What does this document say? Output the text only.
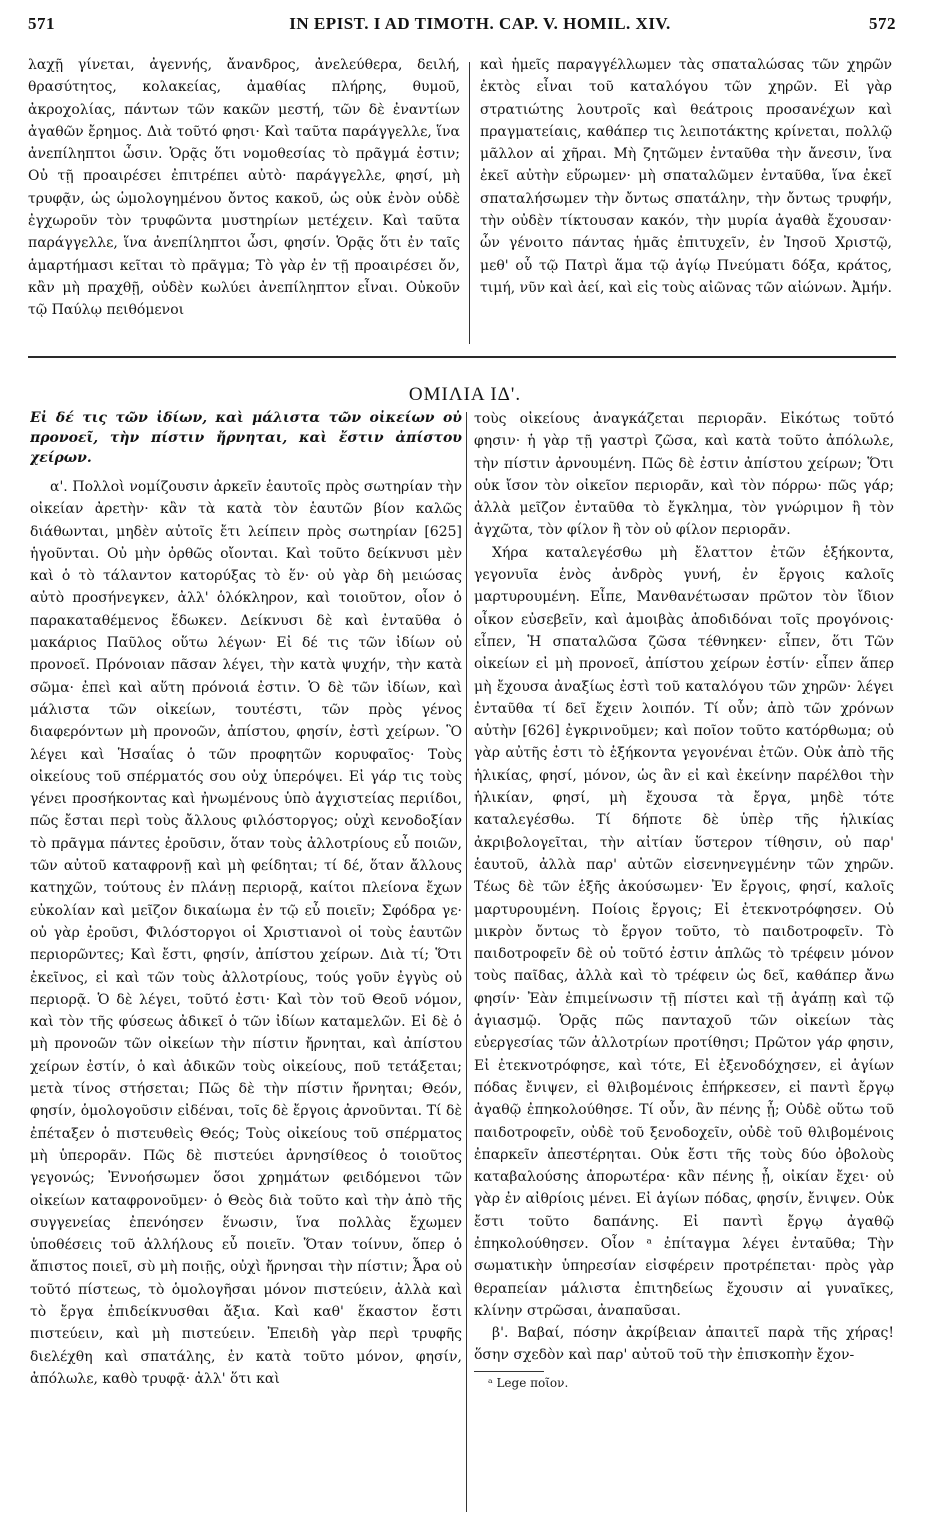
571	IN EPIST. I AD TIMOTH. CAP. V. HOMIL. XIV.	572

λαχῇ γίνεται, ἀγεννής, ἄνανδρος, ἀνελεύθερα, δειλή, θρασύτητος, κολακείας, ἀμαθίας πλήρης, θυμοῦ, ἀκροχολίας, πάντων τῶν κακῶν μεστή, τῶν δὲ ἐναντίων ἀγαθῶν ἔρημος. Διὰ τοῦτό φησι· Καὶ ταῦτα παράγγελλε, ἵνα ἀνεπίληπτοι ὦσιν. Ὁρᾷς ὅτι νομοθεσίας τὸ πρᾶγμά ἐστιν; Οὐ τῇ προαιρέσει ἐπιτρέπει αὐτὸ· παράγγελλε, φησί, μὴ τρυφᾷν, ὡς ὡμολογημένου ὄντος κακοῦ, ὡς οὐκ ἐνὸν οὐδὲ ἐγχωροῦν τὸν τρυφῶντα μυστηρίων μετέχειν. Καὶ ταῦτα παράγγελλε, ἵνα ἀνεπίληπτοι ὦσι, φησίν. Ὁρᾷς ὅτι ἐν ταῖς ἁμαρτήμασι κεῖται τὸ πρᾶγμα; Τὸ γὰρ ἐν τῇ προαιρέσει ὄν, κἂν μὴ πραχθῇ, οὐδὲν κωλύει ἀνεπίληπτον εἶναι. Οὐκοῦν τῷ Παύλῳ πειθόμενοι

καὶ ἡμεῖς παραγγέλλωμεν τὰς σπαταλώσας τῶν χηρῶν ἐκτὸς εἶναι τοῦ καταλόγου τῶν χηρῶν. Εἰ γὰρ στρατιώτης λουτροῖς καὶ θεάτροις προσανέχων καὶ πραγματείαις, καθάπερ τις λειποτάκτης κρίνεται, πολλῷ μᾶλλον αἱ χῆραι. Μὴ ζητῶμεν ἐνταῦθα τὴν ἄνεσιν, ἵνα ἐκεῖ αὐτὴν εὕρωμεν· μὴ σπαταλῶμεν ἐνταῦθα, ἵνα ἐκεῖ σπαταλήσωμεν τὴν ὄντως σπατάλην, τὴν ὄντως τρυφήν, τὴν οὐδὲν τίκτουσαν κακόν, τὴν μυρία ἀγαθὰ ἔχουσαν· ὧν γένοιτο πάντας ἡμᾶς ἐπιτυχεῖν, ἐν Ἰησοῦ Χριστῷ, μεθ' οὗ τῷ Πατρὶ ἅμα τῷ ἁγίῳ Πνεύματι δόξα, κράτος, τιμή, νῦν καὶ ἀεί, καὶ εἰς τοὺς αἰῶνας τῶν αἰώνων. Ἀμήν.

ΟΜΙΛΙΑ ΙΔ'.

Εἰ δέ τις τῶν ἰδίων, καὶ μάλιστα τῶν οἰκείων οὐ προνοεῖ, τὴν πίστιν ἤρνηται, καὶ ἔστιν ἀπίστου χείρων.

α'. Πολλοὶ νομίζουσιν ἀρκεῖν ἑαυτοῖς πρὸς σωτηρίαν τὴν οἰκείαν ἀρετὴν· κἂν τὰ κατὰ τὸν ἑαυτῶν βίον καλῶς διάθωνται, μηδὲν αὐτοῖς ἔτι λείπειν πρὸς σωτηρίαν [625] ἡγοῦνται. Οὐ μὴν ὀρθῶς οἴονται. Καὶ τοῦτο δείκνυσι μὲν καὶ ὁ τὸ τάλαντον κατορύξας τὸ ἕν· οὐ γὰρ δὴ μειώσας αὐτὸ προσήνεγκεν, ἀλλ' ὁλόκληρον, καὶ τοιοῦτον, οἷον ὁ παρακαταθέμενος ἔδωκεν. Δείκνυσι δὲ καὶ ἐνταῦθα ὁ μακάριος Παῦλος οὕτω λέγων· Εἰ δέ τις τῶν ἰδίων οὐ προνοεῖ. Πρόνοιαν πᾶσαν λέγει, τὴν κατὰ ψυχήν, τὴν κατὰ σῶμα· ἐπεὶ καὶ αὕτη πρόνοιά ἐστιν. Ὁ δὲ τῶν ἰδίων, καὶ μάλιστα τῶν οἰκείων, τουτέστι, τῶν πρὸς γένος διαφερόντων μὴ προνοῶν, ἀπίστου, φησίν, ἐστὶ χείρων. Ὃ λέγει καὶ Ἡσαΐας ὁ τῶν προφητῶν κορυφαῖος· Τοὺς οἰκείους τοῦ σπέρματός σου οὐχ ὑπερόψει. Εἰ γάρ τις τοὺς γένει προσήκοντας καὶ ἠνωμένους ὑπὸ ἀγχιστείας περιίδοι, πῶς ἔσται περὶ τοὺς ἄλλους φιλόστοργος; οὐχὶ κενοδοξίαν τὸ πρᾶγμα πάντες ἐροῦσιν, ὅταν τοὺς ἀλλοτρίους εὖ ποιῶν, τῶν αὐτοῦ καταφρονῇ καὶ μὴ φείδηται; τί δέ, ὅταν ἄλλους κατηχῶν, τούτους ἐν πλάνῃ περιορᾷ, καίτοι πλείονα ἔχων εὐκολίαν καὶ μεῖζον δικαίωμα ἐν τῷ εὖ ποιεῖν; Σφόδρα γε· οὐ γὰρ ἐροῦσι, Φιλόστοργοι οἱ Χριστιανοὶ οἱ τοὺς ἑαυτῶν περιορῶντες; Καὶ ἔστι, φησίν, ἀπίστου χείρων. Διὰ τί; Ὅτι ἐκεῖνος, εἰ καὶ τῶν τοὺς ἀλλοτρίους, τούς γοῦν ἐγγὺς οὐ περιορᾷ. Ὁ δὲ λέγει, τοῦτό ἐστι· Καὶ τὸν τοῦ Θεοῦ νόμον, καὶ τὸν τῆς φύσεως ἀδικεῖ ὁ τῶν ἰδίων καταμελῶν. Εἰ δὲ ὁ μὴ προνοῶν τῶν οἰκείων τὴν πίστιν ἤρνηται, καὶ ἀπίστου χείρων ἐστίν, ὁ καὶ ἀδικῶν τοὺς οἰκείους, ποῦ τετάξεται; μετὰ τίνος στήσεται; Πῶς δὲ τὴν πίστιν ἤρνηται; Θεόν, φησίν, ὁμολογοῦσιν εἰδέναι, τοῖς δὲ ἔργοις ἀρνοῦνται. Τί δὲ ἐπέταξεν ὁ πιστευθεὶς Θεός; Τοὺς οἰκείους τοῦ σπέρματος μὴ ὑπερορᾶν. Πῶς δὲ πιστεύει ἀρνησίθεος ὁ τοιοῦτος γεγονώς; Ἐννοήσωμεν ὅσοι χρημάτων φειδόμενοι τῶν οἰκείων καταφρονοῦμεν· ὁ Θεὸς διὰ τοῦτο καὶ τὴν ἀπὸ τῆς συγγενείας ἐπενόησεν ἕνωσιν, ἵνα πολλὰς ἔχωμεν ὑποθέσεις τοῦ ἀλλήλους εὖ ποιεῖν. Ὅταν τοίνυν, ὅπερ ὁ ἄπιστος ποιεῖ, σὺ μὴ ποιῇς, οὐχὶ ἤρνησαι τὴν πίστιν; Ἆρα οὐ τοῦτό πίστεως, τὸ ὁμολογῆσαι μόνον πιστεύειν, ἀλλὰ καὶ τὸ ἔργα ἐπιδείκνυσθαι ἄξια. Καὶ καθ' ἕκαστον ἔστι πιστεύειν, καὶ μὴ πιστεύειν. Ἐπειδὴ γὰρ περὶ τρυφῆς διελέχθη καὶ σπατάλης, ἐν κατὰ τοῦτο μόνον, φησίν, ἀπόλωλε, καθὸ τρυφᾷ· ἀλλ' ὅτι καὶ

τοὺς οἰκείους ἀναγκάζεται περιορᾶν. Εἰκότως τοῦτό φησιν· ἡ γὰρ τῇ γαστρὶ ζῶσα, καὶ κατὰ τοῦτο ἀπόλωλε, τὴν πίστιν ἀρνουμένη. Πῶς δὲ ἐστιν ἀπίστου χείρων; Ὅτι οὐκ ἴσον τὸν οἰκεῖον περιορᾶν, καὶ τὸν πόρρω· πῶς γάρ; ἀλλὰ μεῖζον ἐνταῦθα τὸ ἔγκλημα, τὸν γνώριμον ἢ τὸν ἀγχῶτα, τὸν φίλον ἢ τὸν οὐ φίλον περιορᾶν.

Χήρα καταλεγέσθω μὴ ἔλαττον ἐτῶν ἑξήκοντα, γεγονυῖα ἑνὸς ἀνδρὸς γυνή, ἐν ἔργοις καλοῖς μαρτυρουμένη. Εἶπε, Μανθανέτωσαν πρῶτον τὸν ἴδιον οἶκον εὐσεβεῖν, καὶ ἀμοιβὰς ἀποδιδόναι τοῖς προγόνοις· εἶπεν, Ἡ σπαταλῶσα ζῶσα τέθνηκεν· εἶπεν, ὅτι Τῶν οἰκείων εἰ μὴ προνοεῖ, ἀπίστου χείρων ἐστίν· εἶπεν ἅπερ μὴ ἔχουσα ἀναξίως ἐστὶ τοῦ καταλόγου τῶν χηρῶν· λέγει ἐνταῦθα τί δεῖ ἔχειν λοιπόν. Τί οὖν; ἀπὸ τῶν χρόνων αὐτὴν [626] ἐγκρινοῦμεν; καὶ ποῖον τοῦτο κατόρθωμα; οὐ γὰρ αὐτῆς ἐστι τὸ ἑξήκοντα γεγονέναι ἐτῶν. Οὐκ ἀπὸ τῆς ἡλικίας, φησί, μόνον, ὡς ἂν εἰ καὶ ἐκείνην παρέλθοι τὴν ἡλικίαν, φησί, μὴ ἔχουσα τὰ ἔργα, μηδὲ τότε καταλεγέσθω. Τί δήποτε δὲ ὑπὲρ τῆς ἡλικίας ἀκριβολογεῖται, τὴν αἰτίαν ὕστερον τίθησιν, οὐ παρ' ἑαυτοῦ, ἀλλὰ παρ' αὐτῶν εἰσενηνεγμένην τῶν χηρῶν. Τέως δὲ τῶν ἑξῆς ἀκούσωμεν· Ἐν ἔργοις, φησί, καλοῖς μαρτυρουμένη. Ποίοις ἔργοις; Εἰ ἐτεκνοτρόφησεν. Οὐ μικρὸν ὄντως τὸ ἔργον τοῦτο, τὸ παιδοτροφεῖν. Τὸ παιδοτροφεῖν δὲ οὐ τοῦτό ἐστιν ἁπλῶς τὸ τρέφειν μόνον τοὺς παῖδας, ἀλλὰ καὶ τὸ τρέφειν ὡς δεῖ, καθάπερ ἄνω φησίν· Ἐὰν ἐπιμείνωσιν τῇ πίστει καὶ τῇ ἀγάπῃ καὶ τῷ ἁγιασμῷ. Ὁρᾷς πῶς πανταχοῦ τῶν οἰκείων τὰς εὐεργεσίας τῶν ἀλλοτρίων προτίθησι; Πρῶτον γάρ φησιν, Εἰ ἐτεκνοτρόφησε, καὶ τότε, Εἰ ἐξενοδόχησεν, εἰ ἁγίων πόδας ἔνιψεν, εἰ θλιβομένοις ἐπήρκεσεν, εἰ παντὶ ἔργῳ ἀγαθῷ ἐπηκολούθησε. Τί οὖν, ἂν πένης ᾖ; Οὐδὲ οὕτω τοῦ παιδοτροφεῖν, οὐδὲ τοῦ ξενοδοχεῖν, οὐδὲ τοῦ θλιβομένοις ἐπαρκεῖν ἀπεστέρηται. Οὐκ ἔστι τῆς τοὺς δύο ὀβολοὺς καταβαλούσης ἀπορωτέρα· κἂν πένης ᾖ, οἰκίαν ἔχει· οὐ γὰρ ἐν αἰθρίοις μένει. Εἰ ἁγίων πόδας, φησίν, ἔνιψεν. Οὐκ ἔστι τοῦτο δαπάνης. Εἰ παντὶ ἔργῳ ἀγαθῷ ἐπηκολούθησεν. Οἷον ᵃ ἐπίταγμα λέγει ἐνταῦθα; Τὴν σωματικὴν ὑπηρεσίαν εἰσφέρειν προτρέπεται· πρὸς γὰρ θεραπείαν μάλιστα ἐπιτηδείως ἔχουσιν αἱ γυναῖκες, κλίνην στρῶσαι, ἀναπαῦσαι.

β'. Βαβαί, πόσην ἀκρίβειαν ἀπαιτεῖ παρὰ τῆς χήρας! ὅσην σχεδὸν καὶ παρ' αὐτοῦ τοῦ τὴν ἐπισκοπὴν ἔχον-

ᵃ Lege ποῖον.
